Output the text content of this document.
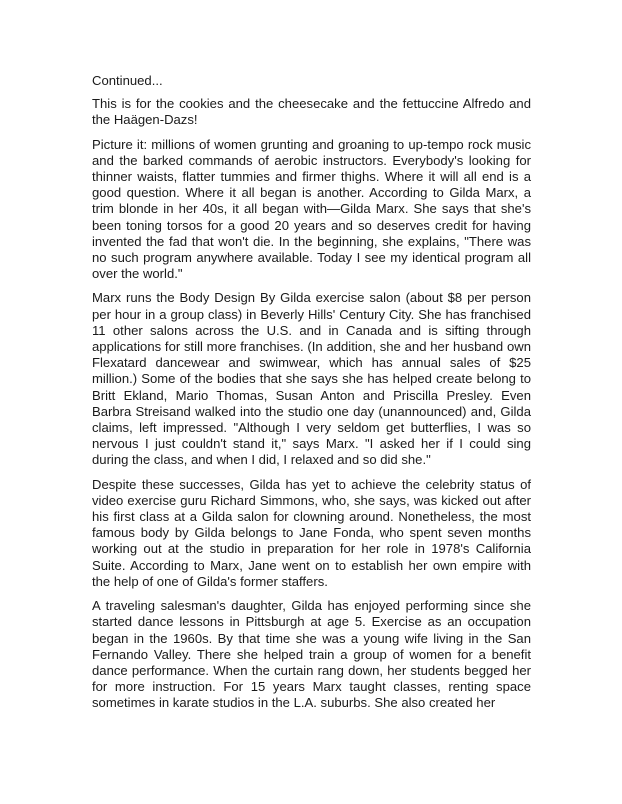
Continued...

This is for the cookies and the cheesecake and the fettuccine Alfredo and the Haägen-Dazs!

Picture it: millions of women grunting and groaning to up-tempo rock music and the barked commands of aerobic instructors. Everybody's looking for thinner waists, flatter tummies and firmer thighs. Where it will all end is a good question. Where it all began is another. According to Gilda Marx, a trim blonde in her 40s, it all began with—Gilda Marx. She says that she's been toning torsos for a good 20 years and so deserves credit for having invented the fad that won't die. In the beginning, she explains, "There was no such program anywhere available. Today I see my identical program all over the world."

Marx runs the Body Design By Gilda exercise salon (about $8 per person per hour in a group class) in Beverly Hills' Century City. She has franchised 11 other salons across the U.S. and in Canada and is sifting through applications for still more franchises. (In addition, she and her husband own Flexatard dancewear and swimwear, which has annual sales of $25 million.) Some of the bodies that she says she has helped create belong to Britt Ekland, Mario Thomas, Susan Anton and Priscilla Presley. Even Barbra Streisand walked into the studio one day (unannounced) and, Gilda claims, left impressed. "Although I very seldom get butterflies, I was so nervous I just couldn't stand it," says Marx. "I asked her if I could sing during the class, and when I did, I relaxed and so did she."

Despite these successes, Gilda has yet to achieve the celebrity status of video exercise guru Richard Simmons, who, she says, was kicked out after his first class at a Gilda salon for clowning around. Nonetheless, the most famous body by Gilda belongs to Jane Fonda, who spent seven months working out at the studio in preparation for her role in 1978's California Suite. According to Marx, Jane went on to establish her own empire with the help of one of Gilda's former staffers.

A traveling salesman's daughter, Gilda has enjoyed performing since she started dance lessons in Pittsburgh at age 5. Exercise as an occupation began in the 1960s. By that time she was a young wife living in the San Fernando Valley. There she helped train a group of women for a benefit dance performance. When the curtain rang down, her students begged her for more instruction. For 15 years Marx taught classes, renting space sometimes in karate studios in the L.A. suburbs. She also created her
